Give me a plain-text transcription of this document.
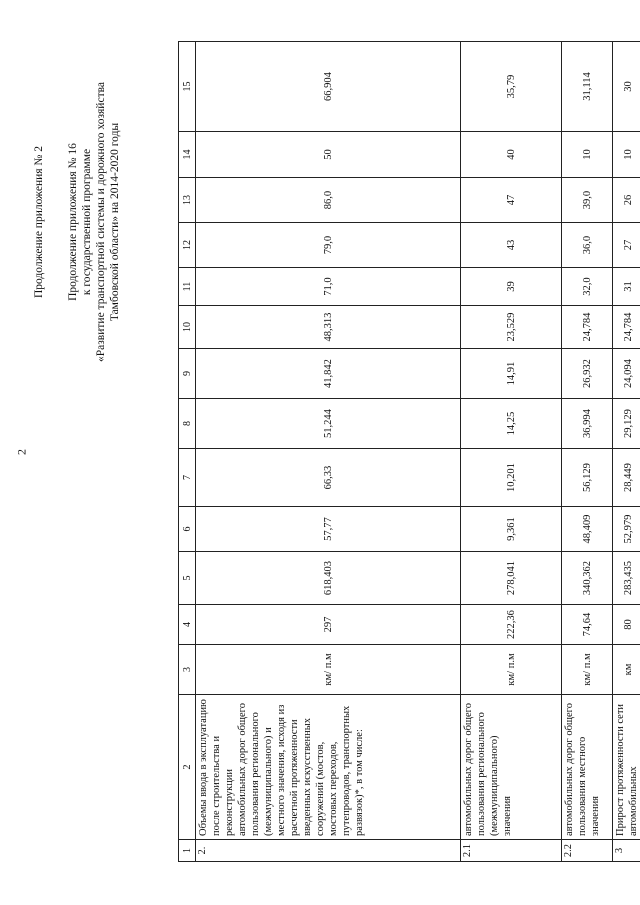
2
Продолжение приложения № 2 Продолжение приложения № 16 к государственной программе «Развитие транспортной системы и дорожного хозяйства Тамбовской области» на 2014-2020 годы
1	2	3	4	5	6	7	8	9	10	11	12	13	14	15
2.	Объемы ввода в эксплуатацию после строительства и реконструкции автомобильных дорог общего пользования регионального (межмуниципального) и местного значения, исходя из расчетной протяженности введенных искусственных сооружений (мостов, мостовых переходов, путепроводов, транспортных развязок)*, в том числе:	км/ п.м	297	618,403	57,77	66,33	51,244	41,842	48,313	71,0	79,0	86,0	50	66,904
2.1	автомобильных дорог общего пользования регионального (межмуниципального) значения	км/ п.м	222,36	278,041	9,361	10,201	14,25	14,91	23,529	39	43	47	40	35,79
2.2	автомобильных дорог общего пользования местного значения	км/ п.м	74,64	340,362	48,409	56,129	36,994	26,932	24,784	32,0	36,0	39,0	10	31,114
3	Прирост протяженности сети автомобильных	км	80	283,435	52,979	28,449	29,129	24,094	24,784	31	27	26	10	30
